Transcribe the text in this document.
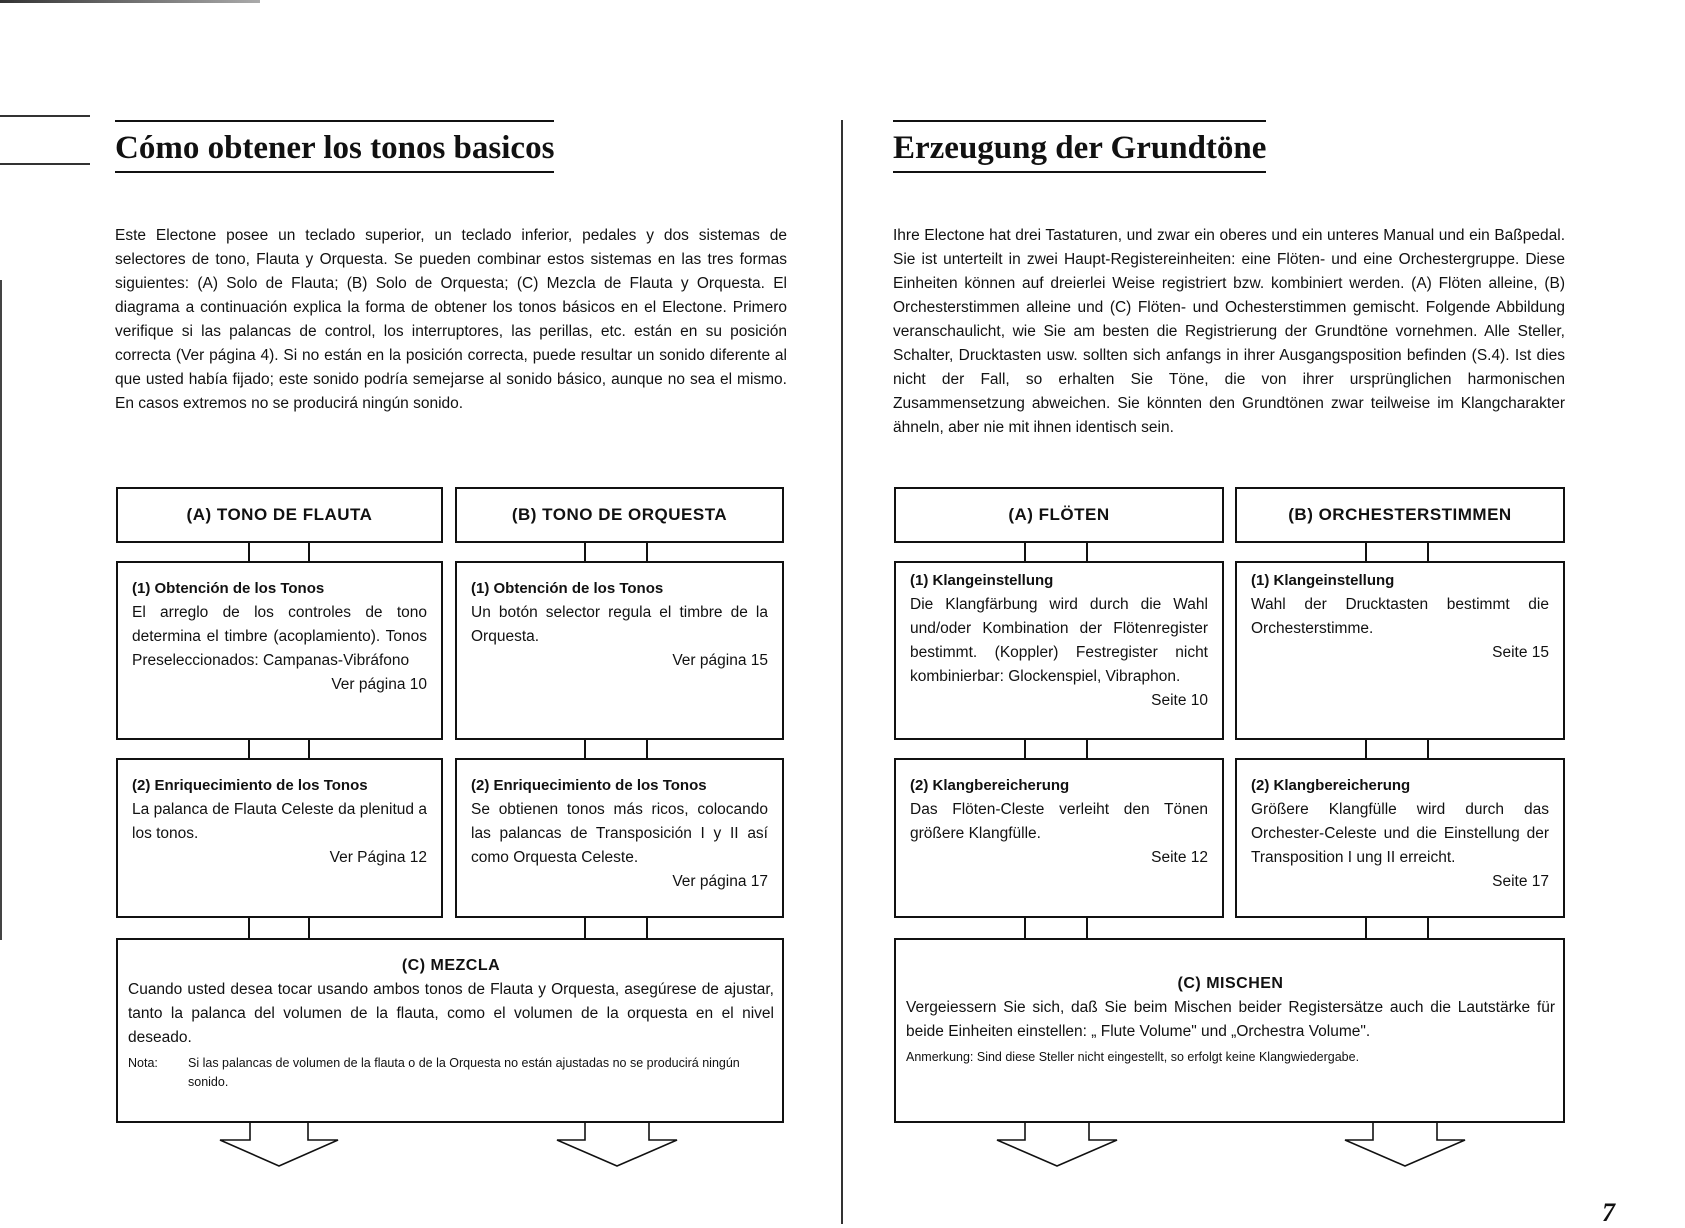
Cómo obtener los tonos basicos
Este Electone posee un teclado superior, un teclado inferior, pedales y dos sistemas de selectores de tono, Flauta y Orquesta. Se pueden combinar estos sistemas en las tres formas siguientes: (A) Solo de Flauta; (B) Solo de Orquesta; (C) Mezcla de Flauta y Orquesta. El diagrama a continuación explica la forma de obtener los tonos básicos en el Electone. Primero verifique si las palancas de control, los interruptores, las perillas, etc. están en su posición correcta (Ver página 4). Si no están en la posición correcta, puede resultar un sonido diferente al que usted había fijado; este sonido podría semejarse al sonido básico, aunque no sea el mismo. En casos extremos no se producirá ningún sonido.
(A) TONO DE FLAUTA	(B) TONO DE ORQUESTA
(1) Obtención de los Tonos
El arreglo de los controles de tono determina el timbre (acoplamiento). Tonos Preseleccionados: Campanas-Vibráfono
Ver página 10
(1) Obtención de los Tonos
Un botón selector regula el timbre de la Orquesta.
Ver página 15
(2) Enriquecimiento de los Tonos
La palanca de Flauta Celeste da plenitud a los tonos.
Ver Página 12
(2) Enriquecimiento de los Tonos
Se obtienen tonos más ricos, colocando las palancas de Transposición I y II así como Orquesta Celeste.
Ver página 17
(C) MEZCLA
Cuando usted desea tocar usando ambos tonos de Flauta y Orquesta, asegúrese de ajustar, tanto la palanca del volumen de la flauta, como el volumen de la orquesta en el nivel deseado.
Nota:	Si las palancas de volumen de la flauta o de la Orquesta no están ajustadas no se producirá ningún sonido.
Erzeugung der Grundtöne
Ihre Electone hat drei Tastaturen, und zwar ein oberes und ein unteres Manual und ein Baßpedal. Sie ist unterteilt in zwei Haupt-Registereinheiten: eine Flöten- und eine Orchestergruppe. Diese Einheiten können auf dreierlei Weise registriert bzw. kombiniert werden. (A) Flöten alleine, (B) Orchesterstimmen alleine und (C) Flöten- und Ochesterstimmen gemischt. Folgende Abbildung veranschaulicht, wie Sie am besten die Registrierung der Grundtöne vornehmen. Alle Steller, Schalter, Drucktasten usw. sollten sich anfangs in ihrer Ausgangsposition befinden (S.4). Ist dies nicht der Fall, so erhalten Sie Töne, die von ihrer ursprünglichen harmonischen Zusammensetzung abweichen. Sie könnten den Grundtönen zwar teilweise im Klangcharakter ähneln, aber nie mit ihnen identisch sein.
(A) FLÖTEN	(B) ORCHESTERSTIMMEN
(1) Klangeinstellung
Die Klangfärbung wird durch die Wahl und/oder Kombination der Flötenregister bestimmt. (Koppler) Festregister nicht kombinierbar: Glockenspiel, Vibraphon.
Seite 10
(1) Klangeinstellung
Wahl der Drucktasten bestimmt die Orchesterstimme.
Seite 15
(2) Klangbereicherung
Das Flöten-Cleste verleiht den Tönen größere Klangfülle.
Seite 12
(2) Klangbereicherung
Größere Klangfülle wird durch das Orchester-Celeste und die Einstellung der Transposition I ung II erreicht.
Seite 17
(C) MISCHEN
Vergeiessern Sie sich, daß Sie beim Mischen beider Registersätze auch die Lautstärke für beide Einheiten einstellen: „ Flute Volume" und „Orchestra Volume".
Anmerkung: Sind diese Steller nicht eingestellt, so erfolgt keine Klangwiedergabe.
7
